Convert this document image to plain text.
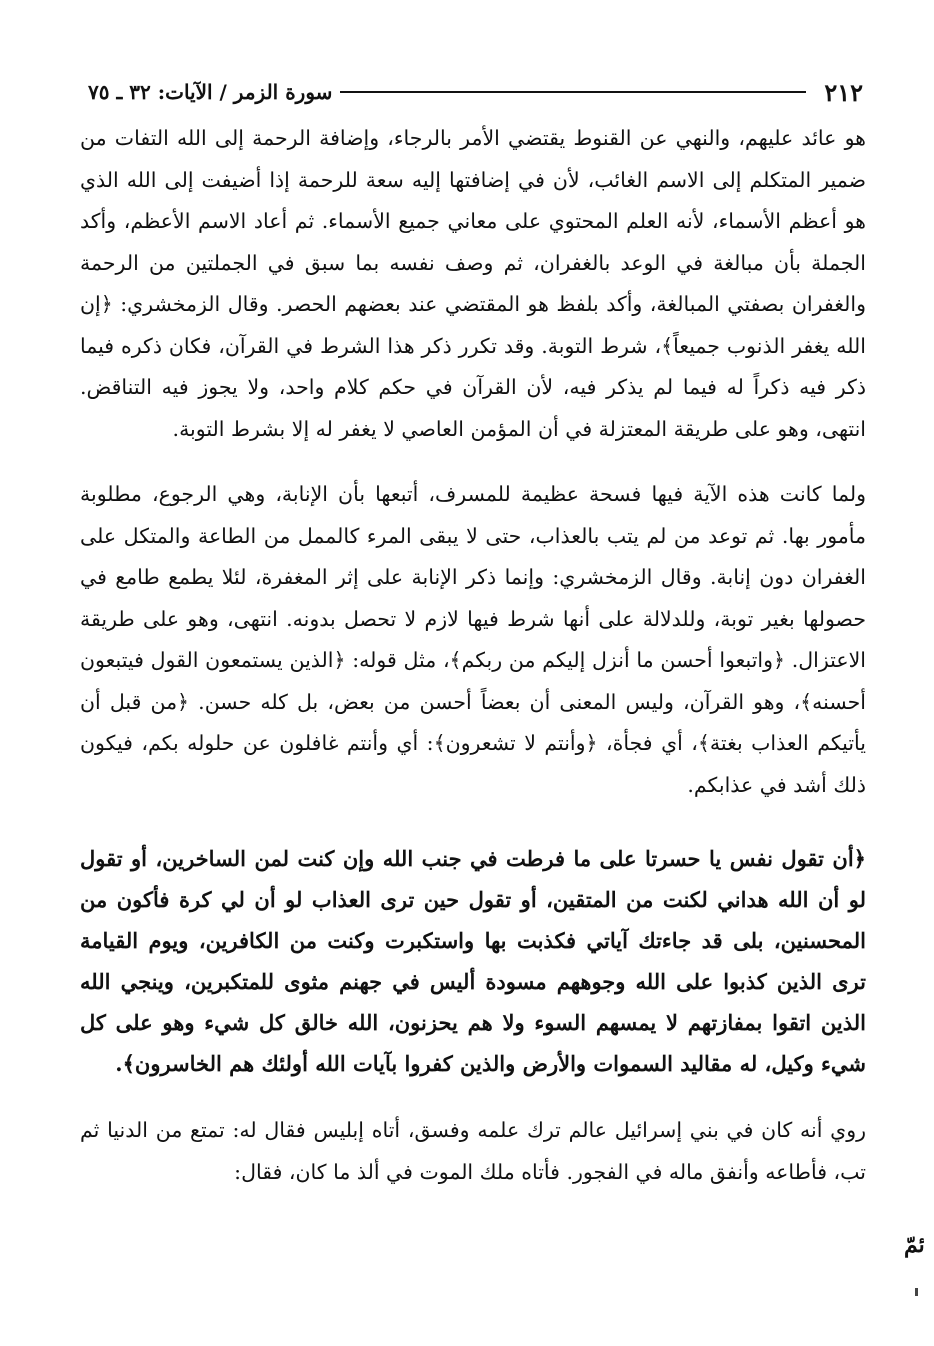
٢١٢
سورة الزمر / الآيات: ٣٢ ـ ٧٥

هو عائد عليهم، والنهي عن القنوط يقتضي الأمر بالرجاء، وإضافة الرحمة إلى الله التفات من ضمير المتكلم إلى الاسم الغائب، لأن في إضافتها إليه سعة للرحمة إذا أضيفت إلى الله الذي هو أعظم الأسماء، لأنه العلم المحتوي على معاني جميع الأسماء. ثم أعاد الاسم الأعظم، وأكد الجملة بأن مبالغة في الوعد بالغفران، ثم وصف نفسه بما سبق في الجملتين من الرحمة والغفران بصفتي المبالغة، وأكد بلفظ هو المقتضي عند بعضهم الحصر. وقال الزمخشري: ﴿إن الله يغفر الذنوب جميعاً﴾، شرط التوبة. وقد تكرر ذكر هذا الشرط في القرآن، فكان ذكره فيما ذكر فيه ذكراً له فيما لم يذكر فيه، لأن القرآن في حكم كلام واحد، ولا يجوز فيه التناقض. انتهى، وهو على طريقة المعتزلة في أن المؤمن العاصي لا يغفر له إلا بشرط التوبة.

ولما كانت هذه الآية فيها فسحة عظيمة للمسرف، أتبعها بأن الإنابة، وهي الرجوع، مطلوبة مأمور بها. ثم توعد من لم يتب بالعذاب، حتى لا يبقى المرء كالممل من الطاعة والمتكل على الغفران دون إنابة. وقال الزمخشري: وإنما ذكر الإنابة على إثر المغفرة، لئلا يطمع طامع في حصولها بغير توبة، وللدلالة على أنها شرط فيها لازم لا تحصل بدونه. انتهى، وهو على طريقة الاعتزال. ﴿واتبعوا أحسن ما أنزل إليكم من ربكم﴾، مثل قوله: ﴿الذين يستمعون القول فيتبعون أحسنه﴾، وهو القرآن، وليس المعنى أن بعضاً أحسن من بعض، بل كله حسن. ﴿من قبل أن يأتيكم العذاب بغتة﴾، أي فجأة، ﴿وأنتم لا تشعرون﴾: أي وأنتم غافلون عن حلوله بكم، فيكون ذلك أشد في عذابكم.

﴿أن تقول نفس يا حسرتا على ما فرطت في جنب الله وإن كنت لمن الساخرين، أو تقول لو أن الله هداني لكنت من المتقين، أو تقول حين ترى العذاب لو أن لي كرة فأكون من المحسنين، بلى قد جاءتك آياتي فكذبت بها واستكبرت وكنت من الكافرين، ويوم القيامة ترى الذين كذبوا على الله وجوههم مسودة أليس في جهنم مثوى للمتكبرين، وينجي الله الذين اتقوا بمفازتهم لا يمسهم السوء ولا هم يحزنون، الله خالق كل شيء وهو على كل شيء وكيل، له مقاليد السموات والأرض والذين كفروا بآيات الله أولئك هم الخاسرون﴾.

روي أنه كان في بني إسرائيل عالم ترك علمه وفسق، أتاه إبليس فقال له: تمتع من الدنيا ثم تب، فأطاعه وأنفق ماله في الفجور. فأتاه ملك الموت في ألذ ما كان، فقال:

ئمّ
